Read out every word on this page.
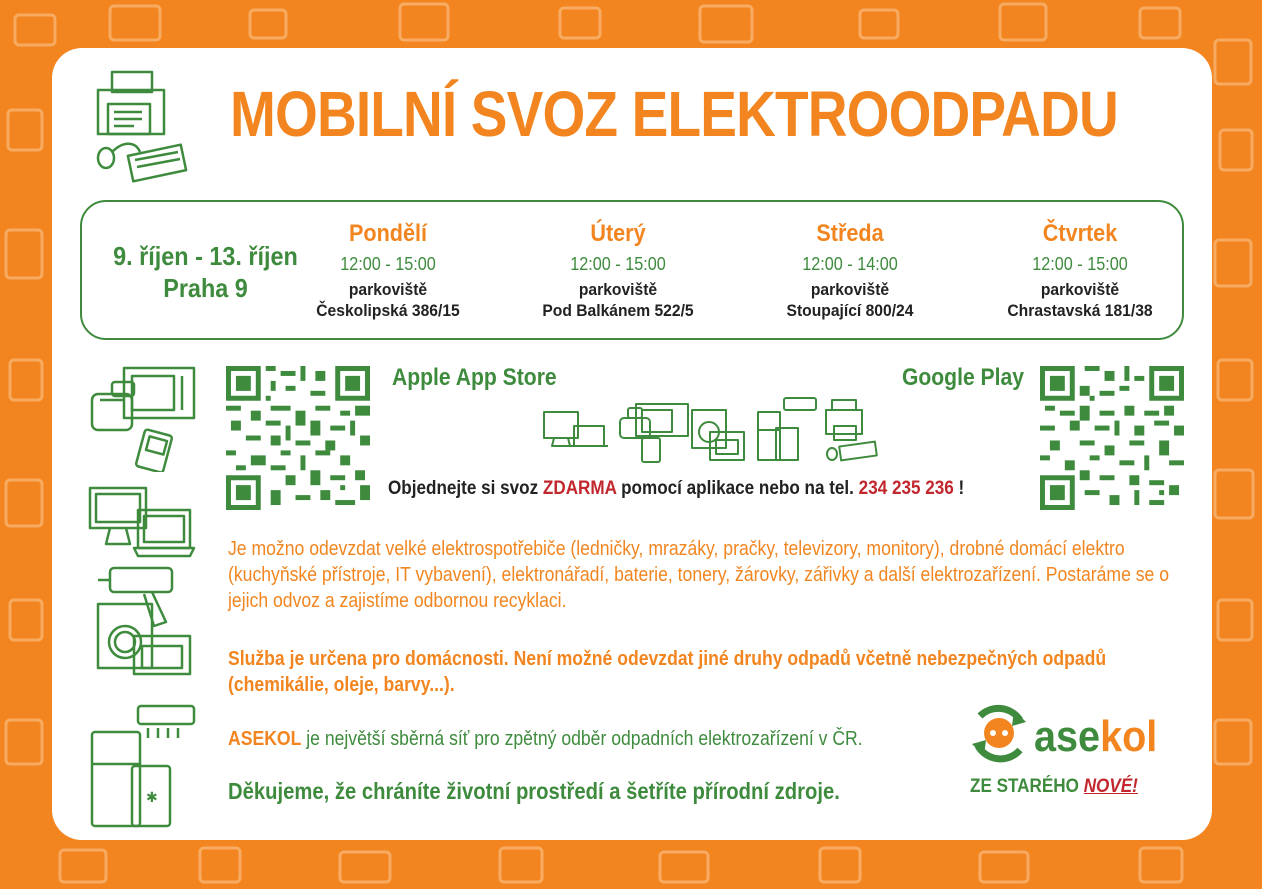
MOBILNÍ SVOZ ELEKTROODPADU
9. říjen - 13. říjen
Praha 9
Pondělí
12:00 - 15:00
parkoviště
Českolipská 386/15
Úterý
12:00 - 15:00
parkoviště
Pod Balkánem 522/5
Středa
12:00 - 14:00
parkoviště
Stoupající 800/24
Čtvrtek
12:00 - 15:00
parkoviště
Chrastavská 181/38
✱
Apple App Store	Google Play
Objednejte si svoz ZDARMA pomocí aplikace nebo na tel. 234 235 236 !
Je možno odevzdat velké elektrospotřebiče (ledničky, mrazáky, pračky, televizory, monitory), drobné domácí elektro (kuchyňské přístroje, IT vybavení), elektronářadí, baterie, tonery, žárovky, zářivky a další elektrozařízení. Postaráme se o jejich odvoz a zajistíme odbornou recyklaci.
Služba je určena pro domácnosti. Není možné odevzdat jiné druhy odpadů včetně nebezpečných odpadů (chemikálie, oleje, barvy...).
ASEKOL je největší sběrná síť pro zpětný odběr odpadních elektrozařízení v ČR.
Děkujeme, že chráníte životní prostředí a šetříte přírodní zdroje.
asekol
ZE STARÉHO NOVÉ!
